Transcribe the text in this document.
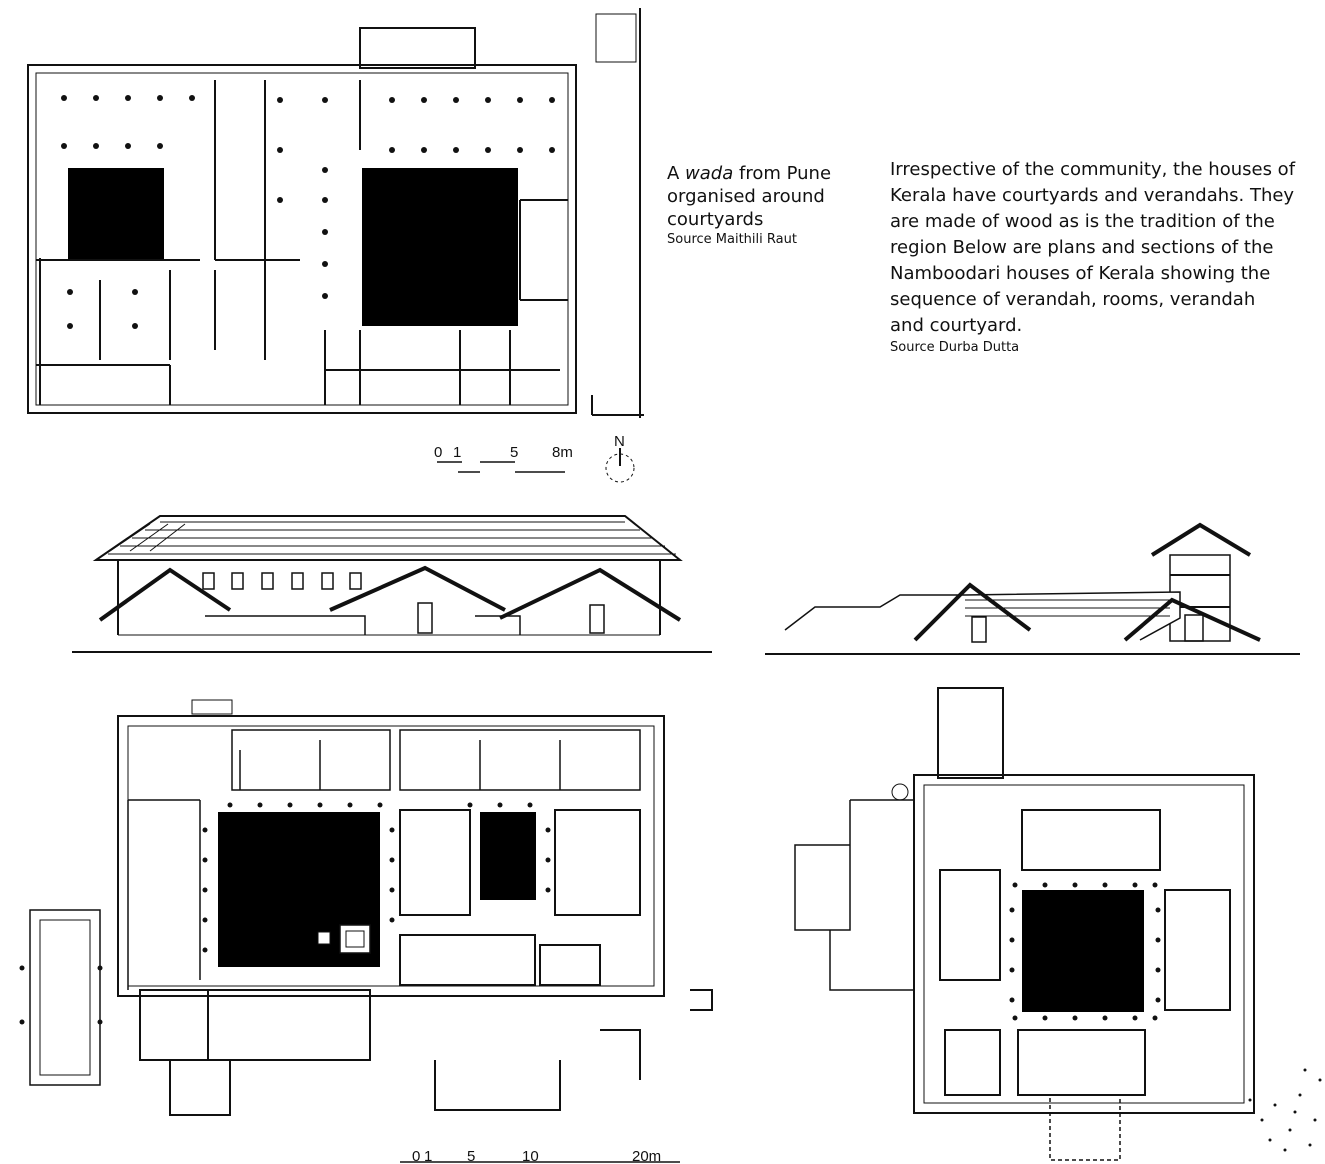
0 1	5 8m
N
0 1 5	10	20m
A wada from Pune
organised around
courtyards
Source Maithili Raut
Irrespective of the community, the houses of
Kerala have courtyards and verandahs. They
are made of wood as is the tradition of the
region Below are plans and sections of the
Namboodari houses of Kerala showing the
sequence of verandah, rooms, verandah
and courtyard.
Source Durba Dutta
